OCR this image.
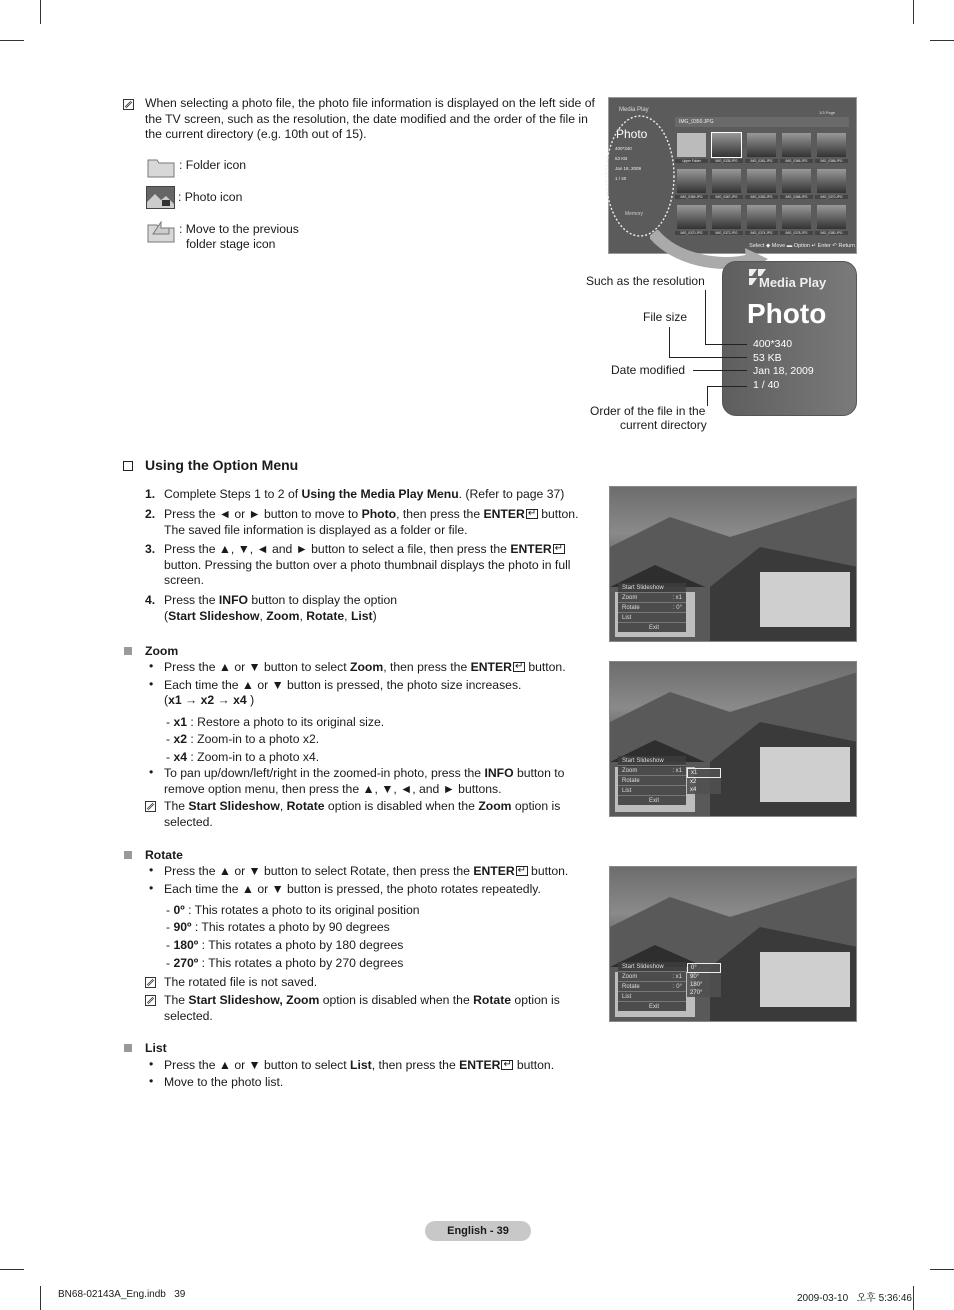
When selecting a photo file, the photo file information is displayed on the left side of the TV screen, such as the resolution, the date modified and the order of the file in the current directory (e.g. 10th out of 15).
: Folder icon
: Photo icon
: Move to the previous
folder stage icon
Media Play
Photo
400*340
53 KB
Jan 18, 2009
1 / 40
Memory
IMG_0350.JPG
1/3 Page
Upper Folder	IMG_0335.JPG	IMG_0361.JPG	IMG_0366.JPG	IMG_0368.JPG
IMG_0369.JPG	IMG_0367.JPG	IMG_0363.JPG	IMG_0368.JPG	IMG_0370.JPG
IMG_0370.JPG	IMG_0372.JPG	IMG_0374.JPG	IMG_0378.JPG	IMG_0380.JPG
Select ◆ Move ▬ Option ↵ Enter ↶ Return
Media Play
Photo
400*340
53 KB
Jan 18, 2009
1 / 40
Such as the resolution
File size
Date modified
Order of the file in the
current directory
Using the Option Menu
1. Complete Steps 1 to 2 of Using the Media Play Menu. (Refer to page 37)
2. Press the ◄ or ► button to move to Photo, then press the ENTER↵ button.
The saved file information is displayed as a folder or file.
3. Press the ▲, ▼, ◄ and ► button to select a file, then press the ENTER↵
button. Pressing the button over a photo thumbnail displays the photo in full
screen.
4. Press the INFO button to display the option
(Start Slideshow, Zoom, Rotate, List)
Zoom
• Press the ▲ or ▼ button to select Zoom, then press the ENTER↵ button.
• Each time the ▲ or ▼ button is pressed, the photo size increases.
(x1 → x2 → x4 )
- x1 : Restore a photo to its original size.
- x2 : Zoom-in to a photo x2.
- x4 : Zoom-in to a photo x4.
• To pan up/down/left/right in the zoomed-in photo, press the INFO button to
remove option menu, then press the ▲, ▼, ◄, and ► buttons.
The Start Slideshow, Rotate option is disabled when the Zoom option is
selected.
Rotate
• Press the ▲ or ▼ button to select Rotate, then press the ENTER↵ button.
• Each time the ▲ or ▼ button is pressed, the photo rotates repeatedly.
- 0º : This rotates a photo to its original position
- 90º : This rotates a photo by 90 degrees
- 180º : This rotates a photo by 180 degrees
- 270º : This rotates a photo by 270 degrees
The rotated file is not saved.
The Start Slideshow, Zoom option is disabled when the Rotate option is
selected.
List
• Press the ▲ or ▼ button to select List, then press the ENTER↵ button.
• Move to the photo list.
Start Slideshow
Zoom	: x1
Rotate	: 0°
List
Exit
Start Slideshow
Zoom	: x1
Rotate
List
Exit
x1
x2
x4
Start Slideshow
Zoom	: x1
Rotate	: 0°
List
Exit
0°
90°
180°
270°
English - 39
BN68-02143A_Eng.indb   39	2009-03-10   오후 5:36:46
